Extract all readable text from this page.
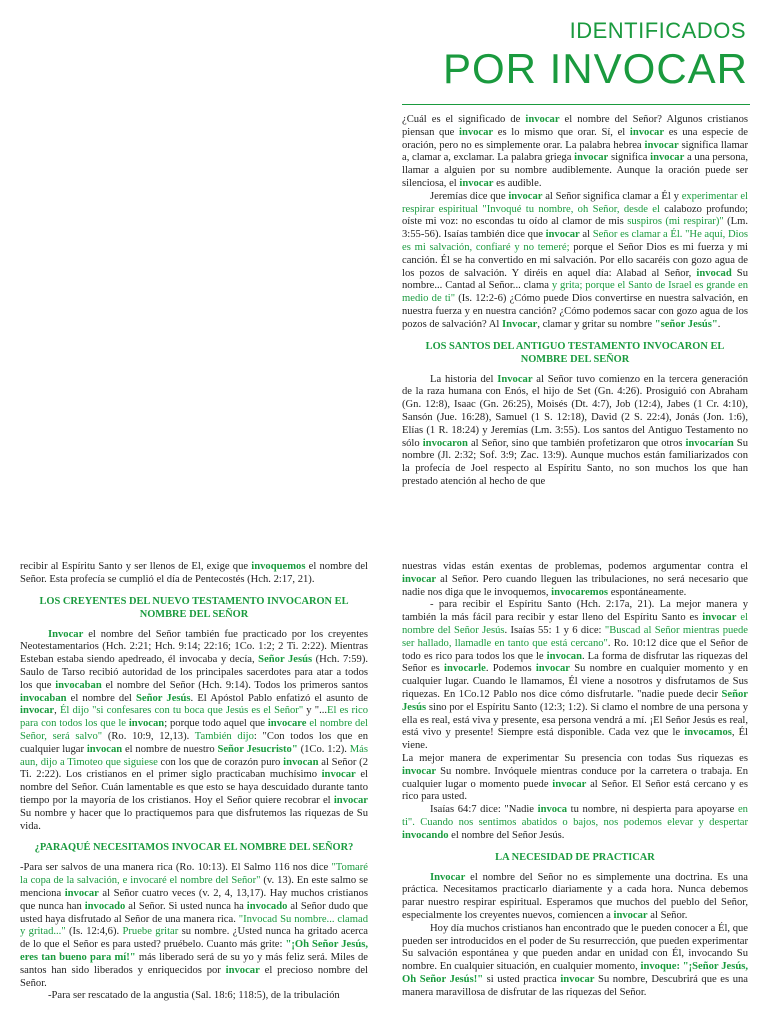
IDENTIFICADOS
POR INVOCAR

¿Cuál es el significado de invocar el nombre del Señor? Algunos cristianos piensan que invocar es lo mismo que orar. Sí, el invocar es una especie de oración, pero no es simplemente orar. La palabra hebrea invocar significa llamar a, clamar a, exclamar. La palabra griega invocar significa invocar a una persona, llamar a alguien por su nombre audiblemente. Aunque la oración puede ser silenciosa, el invocar es audible.

Jeremías dice que invocar al Señor significa clamar a Él y experimentar el respirar espiritual "Invoqué tu nombre, oh Señor, desde el calabozo profundo; oíste mi voz: no escondas tu oído al clamor de mis suspiros (mi respirar)" (Lm. 3:55-56). Isaías también dice que invocar al Señor es clamar a Él. "He aquí, Dios es mi salvación, confiaré y no temeré; porque el Señor Dios es mi fuerza y mi canción. Él se ha convertido en mi salvación. Por ello sacaréis con gozo agua de los pozos de salvación. Y diréis en aquel día: Alabad al Señor, invocad Su nombre... Cantad al Señor... clama y grita; porque el Santo de Israel es grande en medio de ti" (Is. 12:2-6) ¿Cómo puede Dios convertirse en nuestra salvación, en nuestra fuerza y en nuestra canción? ¿Cómo podemos sacar con gozo agua de los pozos de salvación? Al Invocar, clamar y gritar su nombre "señor Jesús".

LOS SANTOS DEL ANTIGUO TESTAMENTO INVOCARON EL NOMBRE DEL SEÑOR

La historia del Invocar al Señor tuvo comienzo en la tercera generación de la raza humana con Enós, el hijo de Set (Gn. 4:26). Prosiguió con Abraham (Gn. 12:8), Isaac (Gn. 26:25), Moisés (Dt. 4:7), Job (12:4), Jabes (1 Cr. 4:10), Sansón (Jue. 16:28), Samuel (1 S. 12:18), David (2 S. 22:4), Jonás (Jon. 1:6), Elías (1 R. 18:24) y Jeremías (Lm. 3:55). Los santos del Antiguo Testamento no sólo invocaron al Señor, sino que también profetizaron que otros invocarían Su nombre (Jl. 2:32; Sof. 3:9; Zac. 13:9). Aunque muchos están familiarizados con la profecía de Joel respecto al Espíritu Santo, no son muchos los que han prestado atención al hecho de que

recibir al Espíritu Santo y ser llenos de El, exige que invoquemos el nombre del Señor. Esta profecía se cumplió el día de Pentecostés (Hch. 2:17, 21).

LOS CREYENTES DEL NUEVO TESTAMENTO INVOCARON EL NOMBRE DEL SEÑOR

Invocar el nombre del Señor también fue practicado por los creyentes Neotestamentarios (Hch. 2:21; Hch. 9:14; 22:16; 1Co. 1:2; 2 Ti. 2:22). Mientras Esteban estaba siendo apedreado, él invocaba y decía, Señor Jesús (Hch. 7:59). Saulo de Tarso recibió autoridad de los principales sacerdotes para atar a todos los que invocaban el nombre del Señor (Hch. 9:14). Todos los primeros santos invocaban el nombre del Señor Jesús. El Apóstol Pablo enfatizó el asunto de invocar, Él dijo "si confesares con tu boca que Jesús es el Señor" y "...El es rico para con todos los que le invocan; porque todo aquel que invocare el nombre del Señor, será salvo" (Ro. 10:9, 12,13). También dijo: "Con todos los que en cualquier lugar invocan el nombre de nuestro Señor Jesucristo" (1Co. 1:2). Más aun, dijo a Timoteo que siguiese con los que de corazón puro invocan al Señor (2 Ti. 2:22). Los cristianos en el primer siglo practicaban muchísimo invocar el nombre del Señor. Cuán lamentable es que esto se haya descuidado durante tanto tiempo por la mayoría de los cristianos. Hoy el Señor quiere recobrar el invocar Su nombre y hacer que lo practiquemos para que disfrutemos las riquezas de Su vida.

¿PARAQUÉ NECESITAMOS INVOCAR EL NOMBRE DEL SEÑOR?

-Para ser salvos de una manera rica (Ro. 10:13). El Salmo 116 nos dice "Tomaré la copa de la salvación, e invocaré el nombre del Señor" (v. 13). En este salmo se menciona invocar al Señor cuatro veces (v. 2, 4, 13,17). Hay muchos cristianos que nunca han invocado al Señor. Si usted nunca ha invocado al Señor dudo que usted haya disfrutado al Señor de una manera rica. "Invocad Su nombre... clamad y gritad..." (Is. 12:4,6). Pruebe gritar su nombre. ¿Usted nunca ha gritado acerca de lo que el Señor es para usted? pruébelo. Cuanto más grite: "¡Oh Señor Jesús, eres tan bueno para mí!" más liberado será de su yo y más feliz será. Miles de santos han sido liberados y enriquecidos por invocar el precioso nombre del Señor.

-Para ser rescatado de la angustia (Sal. 18:6; 118:5), de la tribulación

nuestras vidas están exentas de problemas, podemos argumentar contra el invocar al Señor. Pero cuando lleguen las tribulaciones, no será necesario que nadie nos diga que le invoquemos, invocaremos espontáneamente.

- para recibir el Espíritu Santo (Hch. 2:17a, 21). La mejor manera y también la más fácil para recibir y estar lleno del Espíritu Santo es invocar el nombre del Señor Jesús. Isaías 55: 1 y 6 dice: "Buscad al Señor mientras puede ser hallado, llamadle en tanto que está cercano". Ro. 10:12 dice que el Señor de todo es rico para todos los que le invocan. La forma de disfrutar las riquezas del Señor es invocarle. Podemos invocar Su nombre en cualquier momento y en cualquier lugar. Cuando le llamamos, Él viene a nosotros y disfrutamos de Sus riquezas. En 1Co.12 Pablo nos dice cómo disfrutarle. "nadie puede decir Señor Jesús sino por el Espíritu Santo (12:3; 1:2). Si clamo el nombre de una persona y ella es real, está viva y presente, esa persona vendrá a mí. ¡El Señor Jesús es real, está vivo y presente! Siempre está disponible. Cada vez que le invocamos, Él viene.

La mejor manera de experimentar Su presencia con todas Sus riquezas es invocar Su nombre. Invóquele mientras conduce por la carretera o trabaja. En cualquier lugar o momento puede invocar al Señor. El Señor está cercano y es rico para usted.

Isaías 64:7 dice: "Nadie invoca tu nombre, ni despierta para apoyarse en ti". Cuando nos sentimos abatidos o bajos, nos podemos elevar y despertar invocando el nombre del Señor Jesús.

LA NECESIDAD DE PRACTICAR

Invocar el nombre del Señor no es simplemente una doctrina. Es una práctica. Necesitamos practicarlo diariamente y a cada hora. Nunca debemos parar nuestro respirar espiritual. Esperamos que muchos del pueblo del Señor, especialmente los creyentes nuevos, comiencen a invocar al Señor.

Hoy día muchos cristianos han encontrado que le pueden conocer a Él, que pueden ser introducidos en el poder de Su resurrección, que pueden experimentar Su salvación espontánea y que pueden andar en unidad con Él, invocando Su nombre. En cualquier situación, en cualquier momento, invoque: "¡Señor Jesús, Oh Señor Jesús!" si usted practica invocar Su nombre, Descubrirá que es una manera maravillosa de disfrutar de las riquezas del Señor.
